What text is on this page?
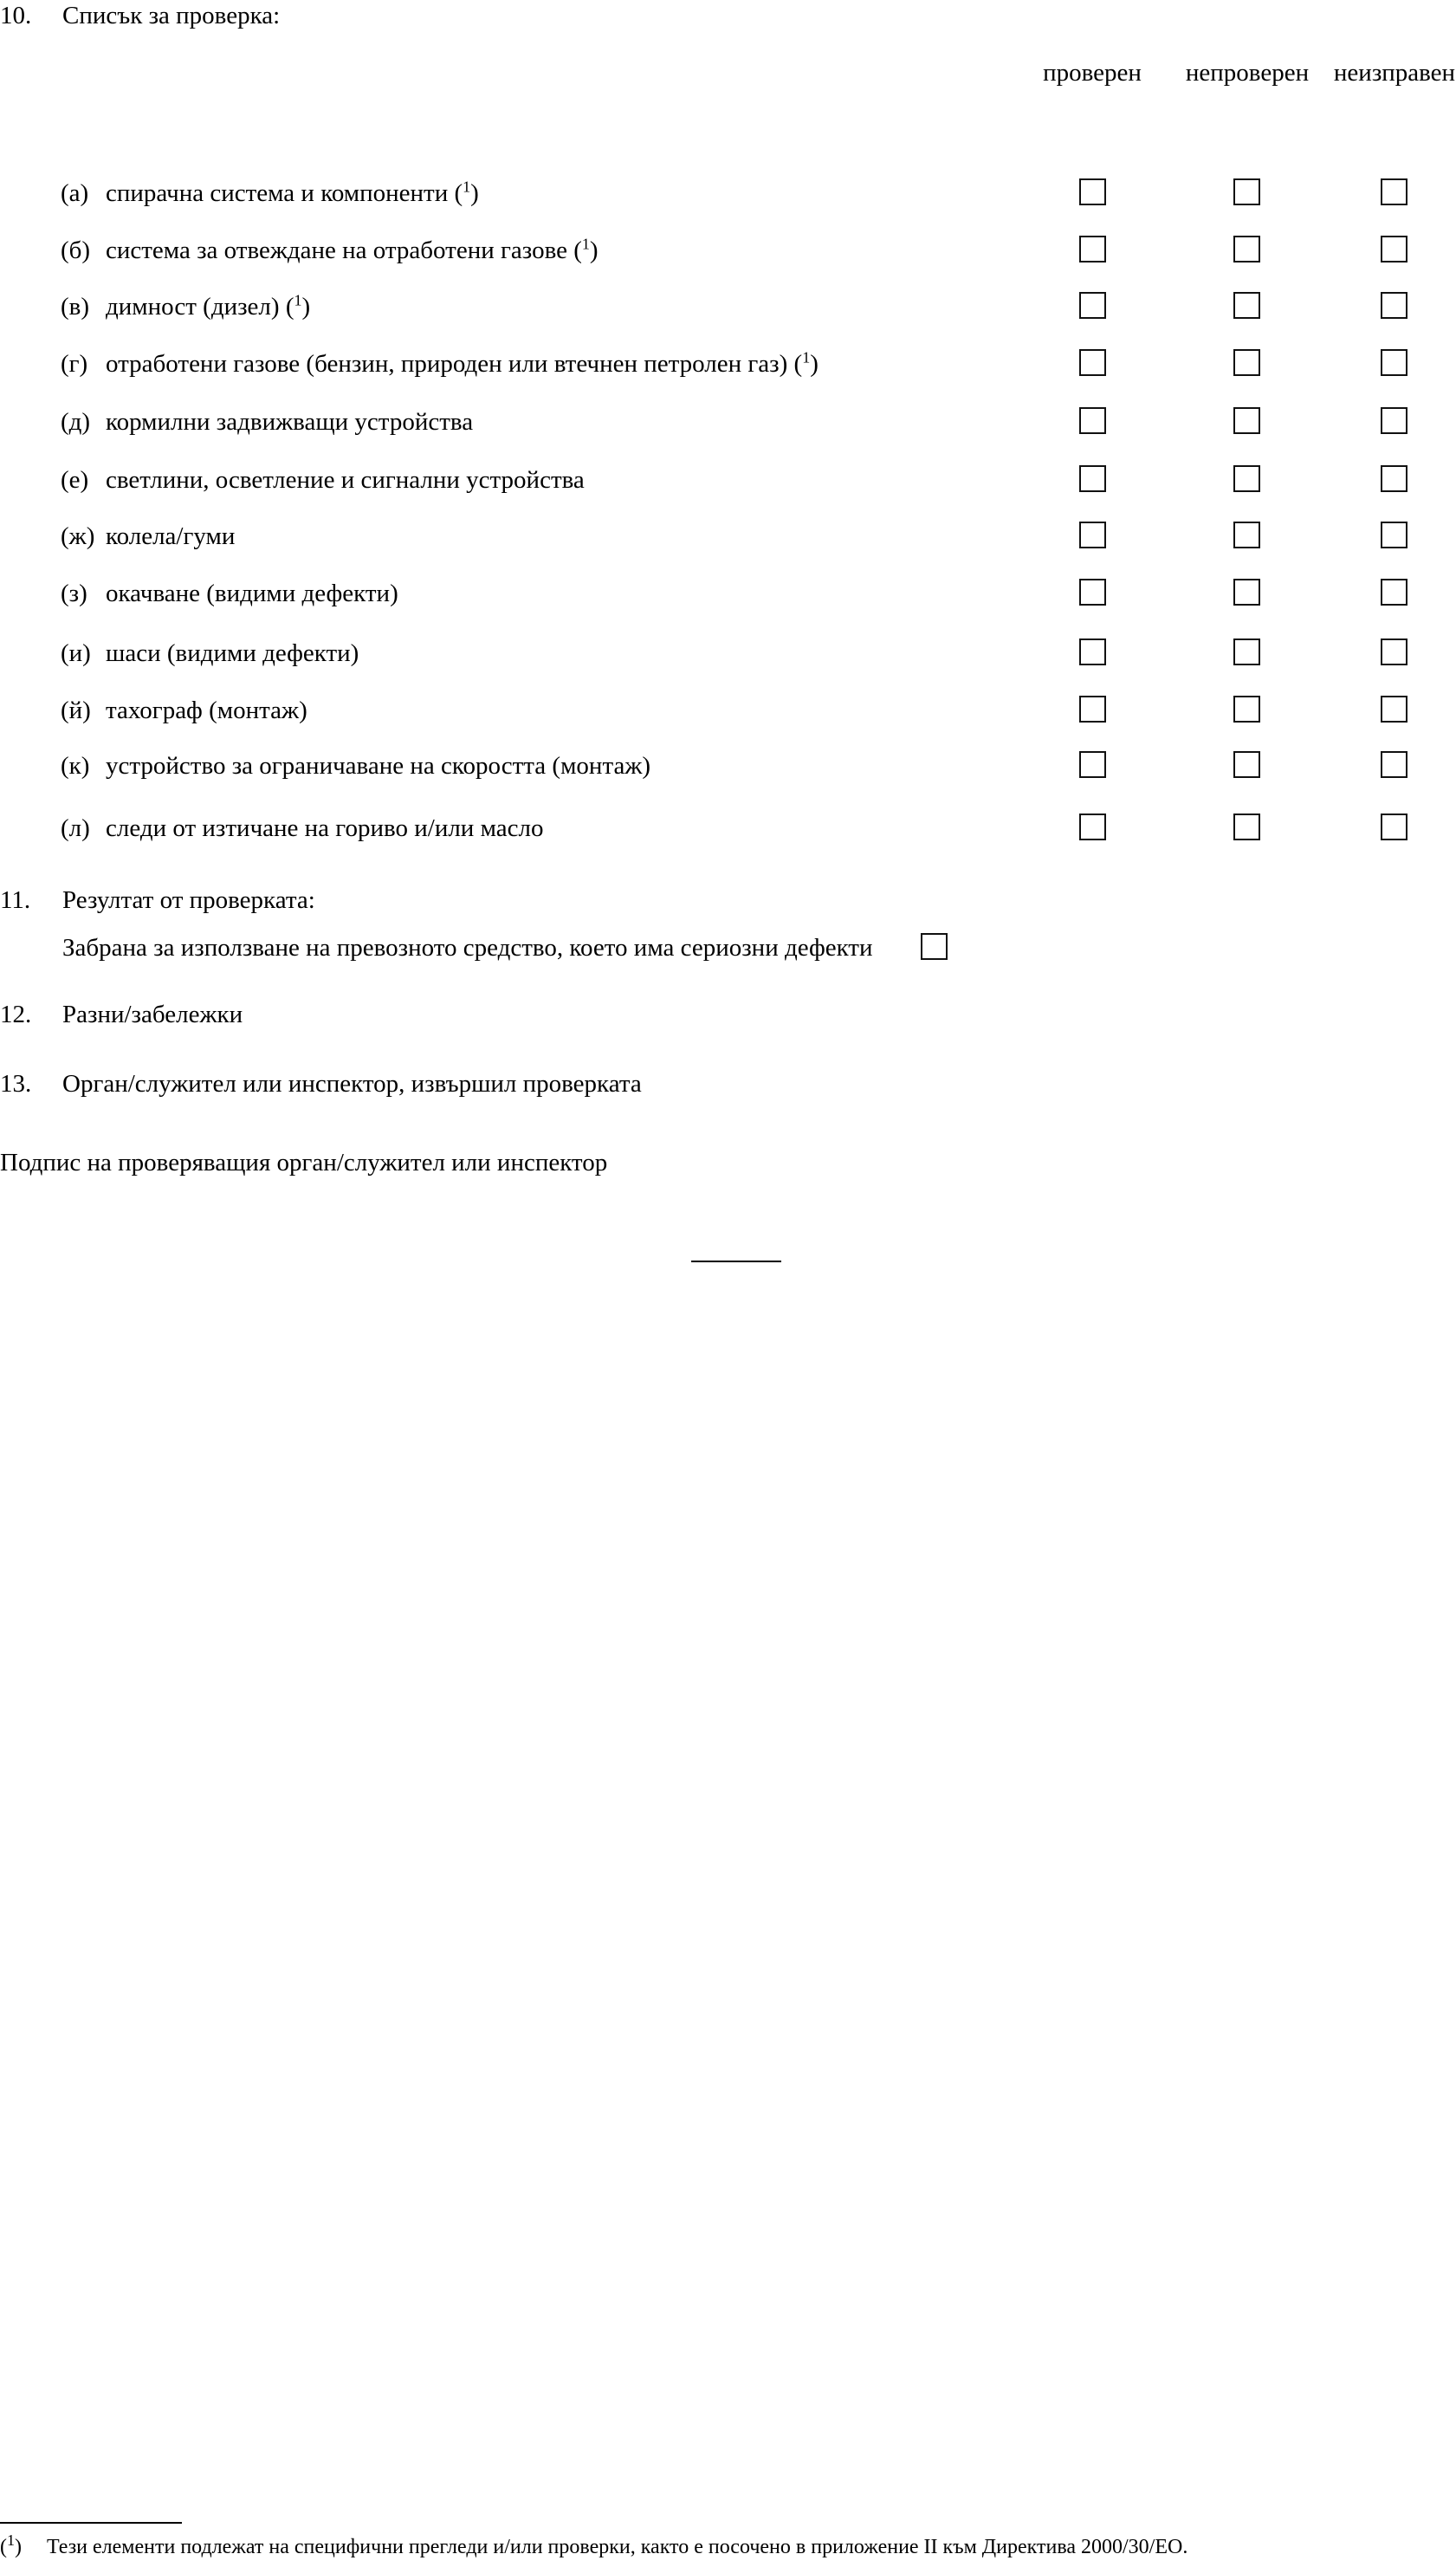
10. Списък за проверка:
проверен	непроверен неизправен
(а) спирачна система и компоненти ($^1$)
(б) система за отвеждане на отработени газове ($^1$)
(в) димност (дизел) ($^1$)
(г) отработени газове (бензин, природен или втечнен петролен газ) ($^1$)
(д) кормилни задвижващи устройства
(е) светлини, осветление и сигнални устройства
(ж) колела/гуми
(з) окачване (видими дефекти)
(и) шаси (видими дефекти)
(й) тахограф (монтаж)
(к) устройство за ограничаване на скоростта (монтаж)
(л) следи от изтичане на гориво и/или масло
11. Резултат от проверката:
Забрана за използване на превозното средство, което има сериозни дефекти
12. Разни/забележки
13. Орган/служител или инспектор, извършил проверката
Подпис на проверяващия орган/служител или инспектор
($^1$) Тези елементи подлежат на специфични прегледи и/или проверки, както е посочено в приложение II към Директива 2000/30/ЕО.
